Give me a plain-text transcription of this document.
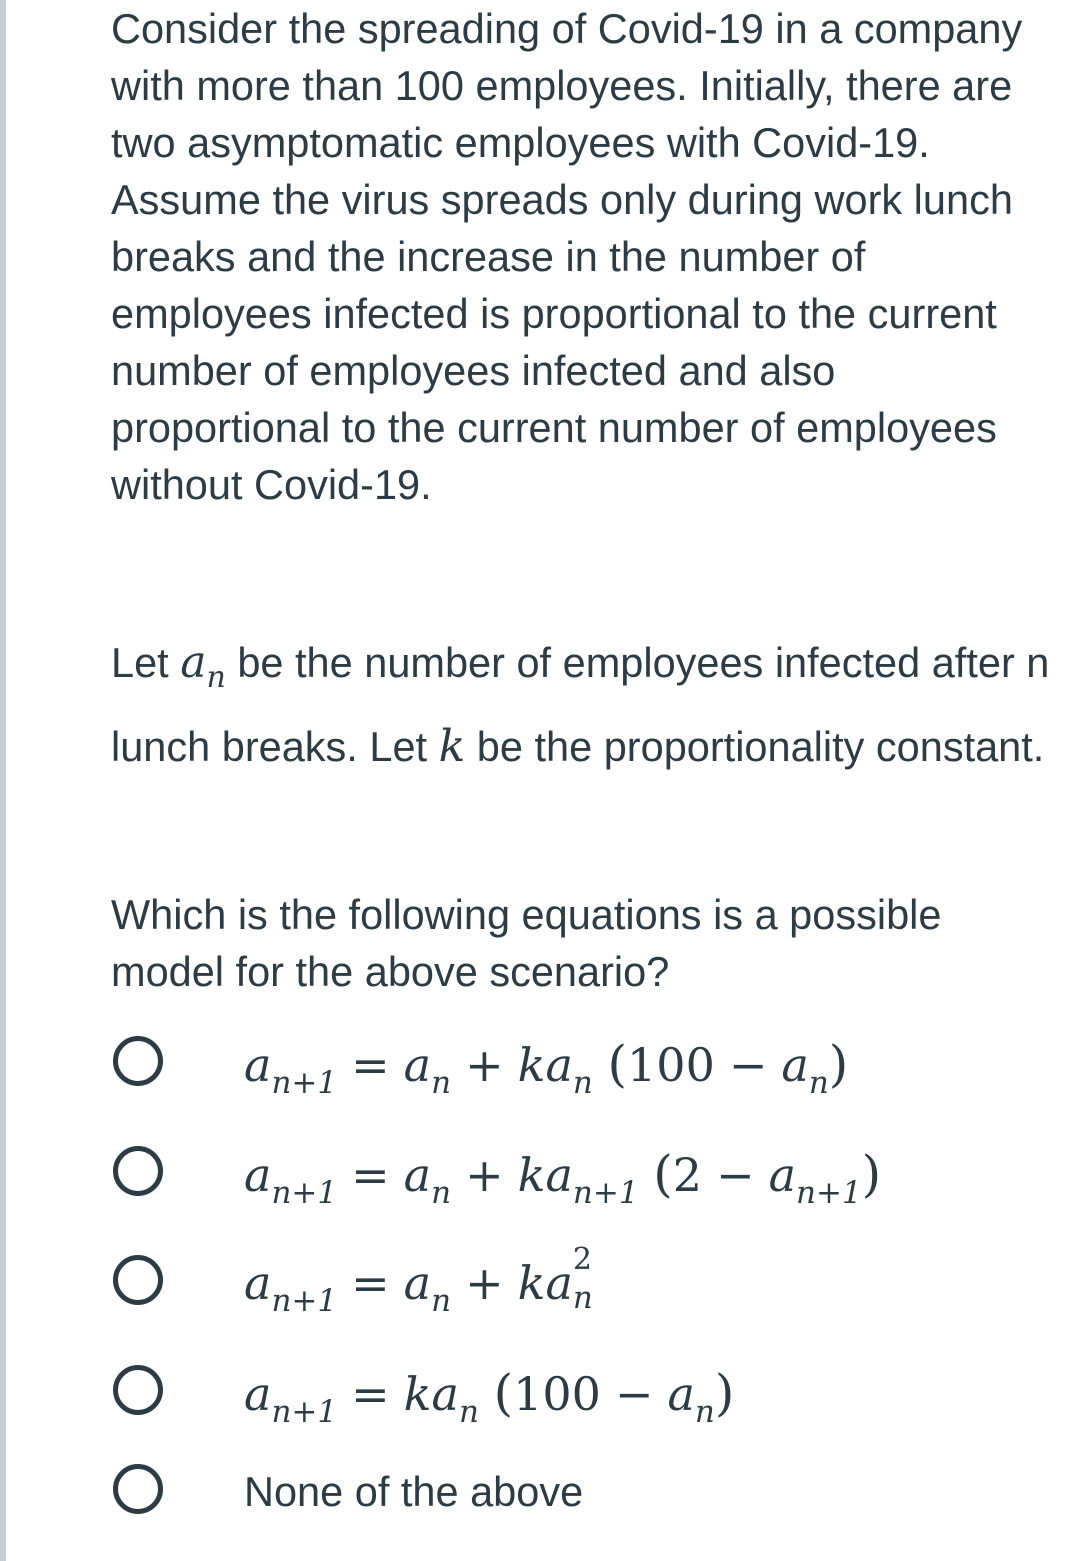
Consider the spreading of Covid-19 in a company with more than 100 employees. Initially, there are two asymptomatic employees with Covid-19. Assume the virus spreads only during work lunch breaks and the increase in the number of employees infected is proportional to the current number of employees infected and also proportional to the current number of employees without Covid-19.

Let $a_n$ be the number of employees infected after n lunch breaks. Let k be the proportionality constant.

Which is the following equations is a possible model for the above scenario?

$a_{n+1} = a_n + ka_n$ $(100 - a_n)$
$a_{n+1} = a_n + ka_{n+1}$ $(2 - a_{n+1})$
$a_{n+1} = a_n$ + ka 2
n
$a_{n+1} = ka_n$ $(100 - a_n)$
None of the above
